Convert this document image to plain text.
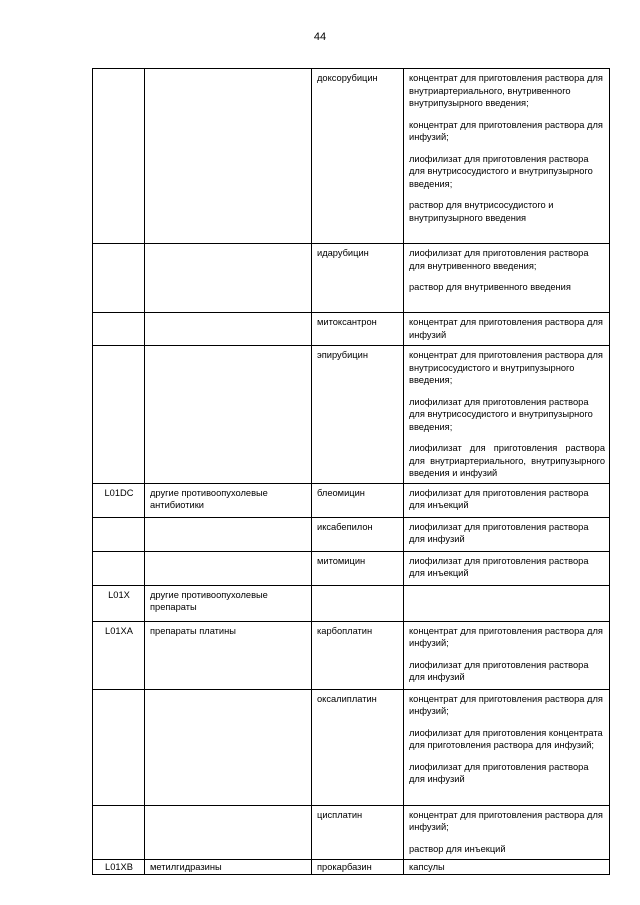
44
		доксорубицин	концентрат для приготовления раствора для внутриартериального, внутривенного внутрипузырного введения;
концентрат для приготовления раствора для инфузий;
лиофилизат для приготовления раствора для внутрисосудистого и внутрипузырного введения;
раствор для внутрисосудистого и внутрипузырного введения

		идарубицин	лиофилизат для приготовления раствора для внутривенного введения;
раствор для внутривенного введения

		митоксантрон	концентрат для приготовления раствора для инфузий

		эпирубицин	концентрат для приготовления раствора для внутрисосудистого и внутрипузырного введения;
лиофилизат для приготовления раствора для внутрисосудистого и внутрипузырного введения;
лиофилизат для приготовления раствора для внутриартериального, внутрипузырного введения и инфузий

L01DC	другие противоопухолевые антибиотики	блеомицин	лиофилизат для приготовления раствора для инъекций

		иксабепилон	лиофилизат для приготовления раствора для инфузий

		митомицин	лиофилизат для приготовления раствора для инъекций

L01X	другие противоопухолевые препараты		
L01XA	препараты платины	карбоплатин	концентрат для приготовления раствора для инфузий;
лиофилизат для приготовления раствора для инфузий

		оксалиплатин	концентрат для приготовления раствора для инфузий;
лиофилизат для приготовления концентрата для приготовления раствора для инфузий;
лиофилизат для приготовления раствора для инфузий

		цисплатин	концентрат для приготовления раствора для инфузий;
раствор для инъекций

L01XB	метилгидразины	прокарбазин	капсулы
